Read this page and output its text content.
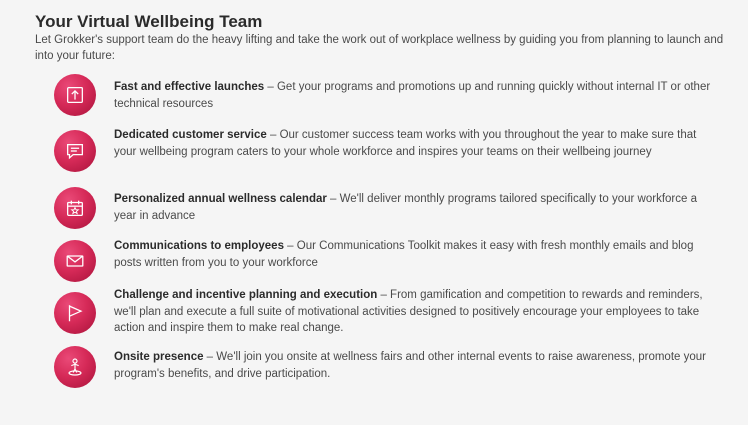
Your Virtual Wellbeing Team
Let Grokker's support team do the heavy lifting and take the work out of workplace wellness by guiding you from planning to launch and into your future:
Fast and effective launches – Get your programs and promotions up and running quickly without internal IT or other technical resources
Dedicated customer service – Our customer success team works with you throughout the year to make sure that your wellbeing program caters to your whole workforce and inspires your teams on their wellbeing journey
Personalized annual wellness calendar – We'll deliver monthly programs tailored specifically to your workforce a year in advance
Communications to employees – Our Communications Toolkit makes it easy with fresh monthly emails and blog posts written from you to your workforce
Challenge and incentive planning and execution – From gamification and competition to rewards and reminders, we'll plan and execute a full suite of motivational activities designed to positively encourage your employees to take action and inspire them to make real change.
Onsite presence – We'll join you onsite at wellness fairs and other internal events to raise awareness, promote your program's benefits, and drive participation.
